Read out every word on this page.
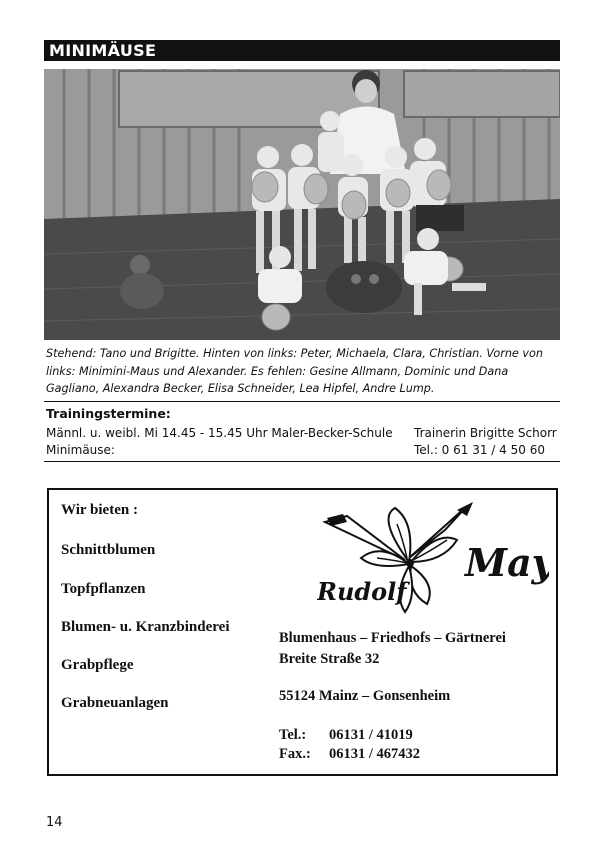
MINIMÄUSE
Stehend: Tano und Brigitte. Hinten von links: Peter, Michaela, Clara, Christian. Vorne von links: Minimini-Maus und Alexander. Es fehlen: Gesine Allmann, Dominic und Dana Gagliano, Alexandra Becker, Elisa Schneider, Lea Hipfel, Andre Lump.
Trainingstermine:
Männl. u. weibl. Mi 14.45 - 15.45 Uhr Maler-Becker-Schule
Minimäuse:
Trainerin Brigitte Schorr
Tel.: 0 61 31 / 4 50 60
Wir bieten :
Schnittblumen
Topfpflanzen
Blumen- u. Kranzbinderei
Grabpflege
Grabneuanlagen
Rudolf
May
Blumenhaus – Friedhofs – Gärtnerei
Breite Straße 32
55124 Mainz – Gonsenheim
Tel.: 06131 / 41019
Fax.: 06131 / 467432
14
